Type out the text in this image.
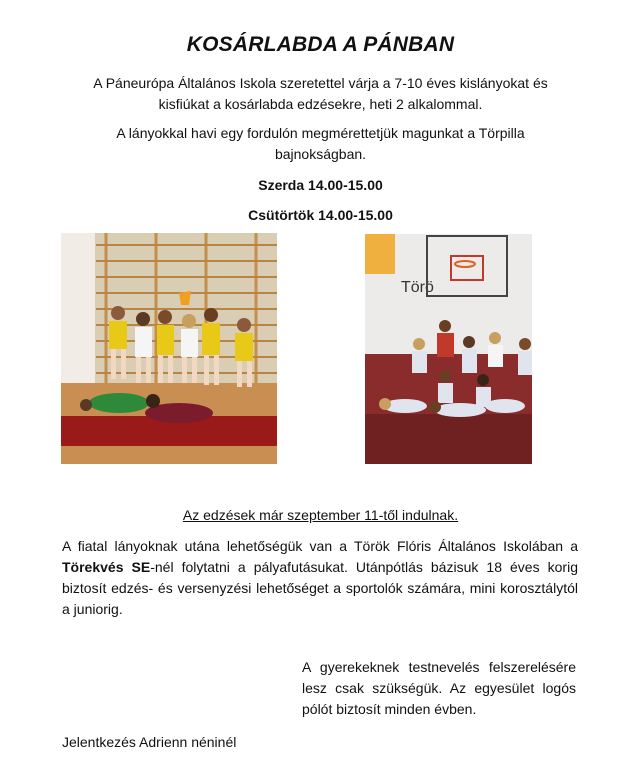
KOSÁRLABDA A PÁNBAN
A Páneurópa Általános Iskola szeretettel várja a 7-10 éves kislányokat és
kisfiúkat a kosárlabda edzésekre, heti 2 alkalommal.
A lányokkal havi egy fordulón megmérettetjük magunkat a Törpilla
bajnokságban.
Szerda 14.00-15.00
Csütörtök 14.00-15.00
Törö
Az edzések már szeptember 11-től indulnak.

A fiatal lányoknak utána lehetőségük van a Török Flóris Általános Iskolában a Törekvés SE-nél folytatni a pályafutásukat. Utánpótlás bázisuk 18 éves korig biztosít edzés- és versenyzési lehetőséget a sportolók számára, mini korosztálytól a juniorig.

A gyerekeknek testnevelés felszerelésére lesz csak szükségük. Az egyesület logós pólót biztosít minden évben.

Jelentkezés Adrienn néninél
